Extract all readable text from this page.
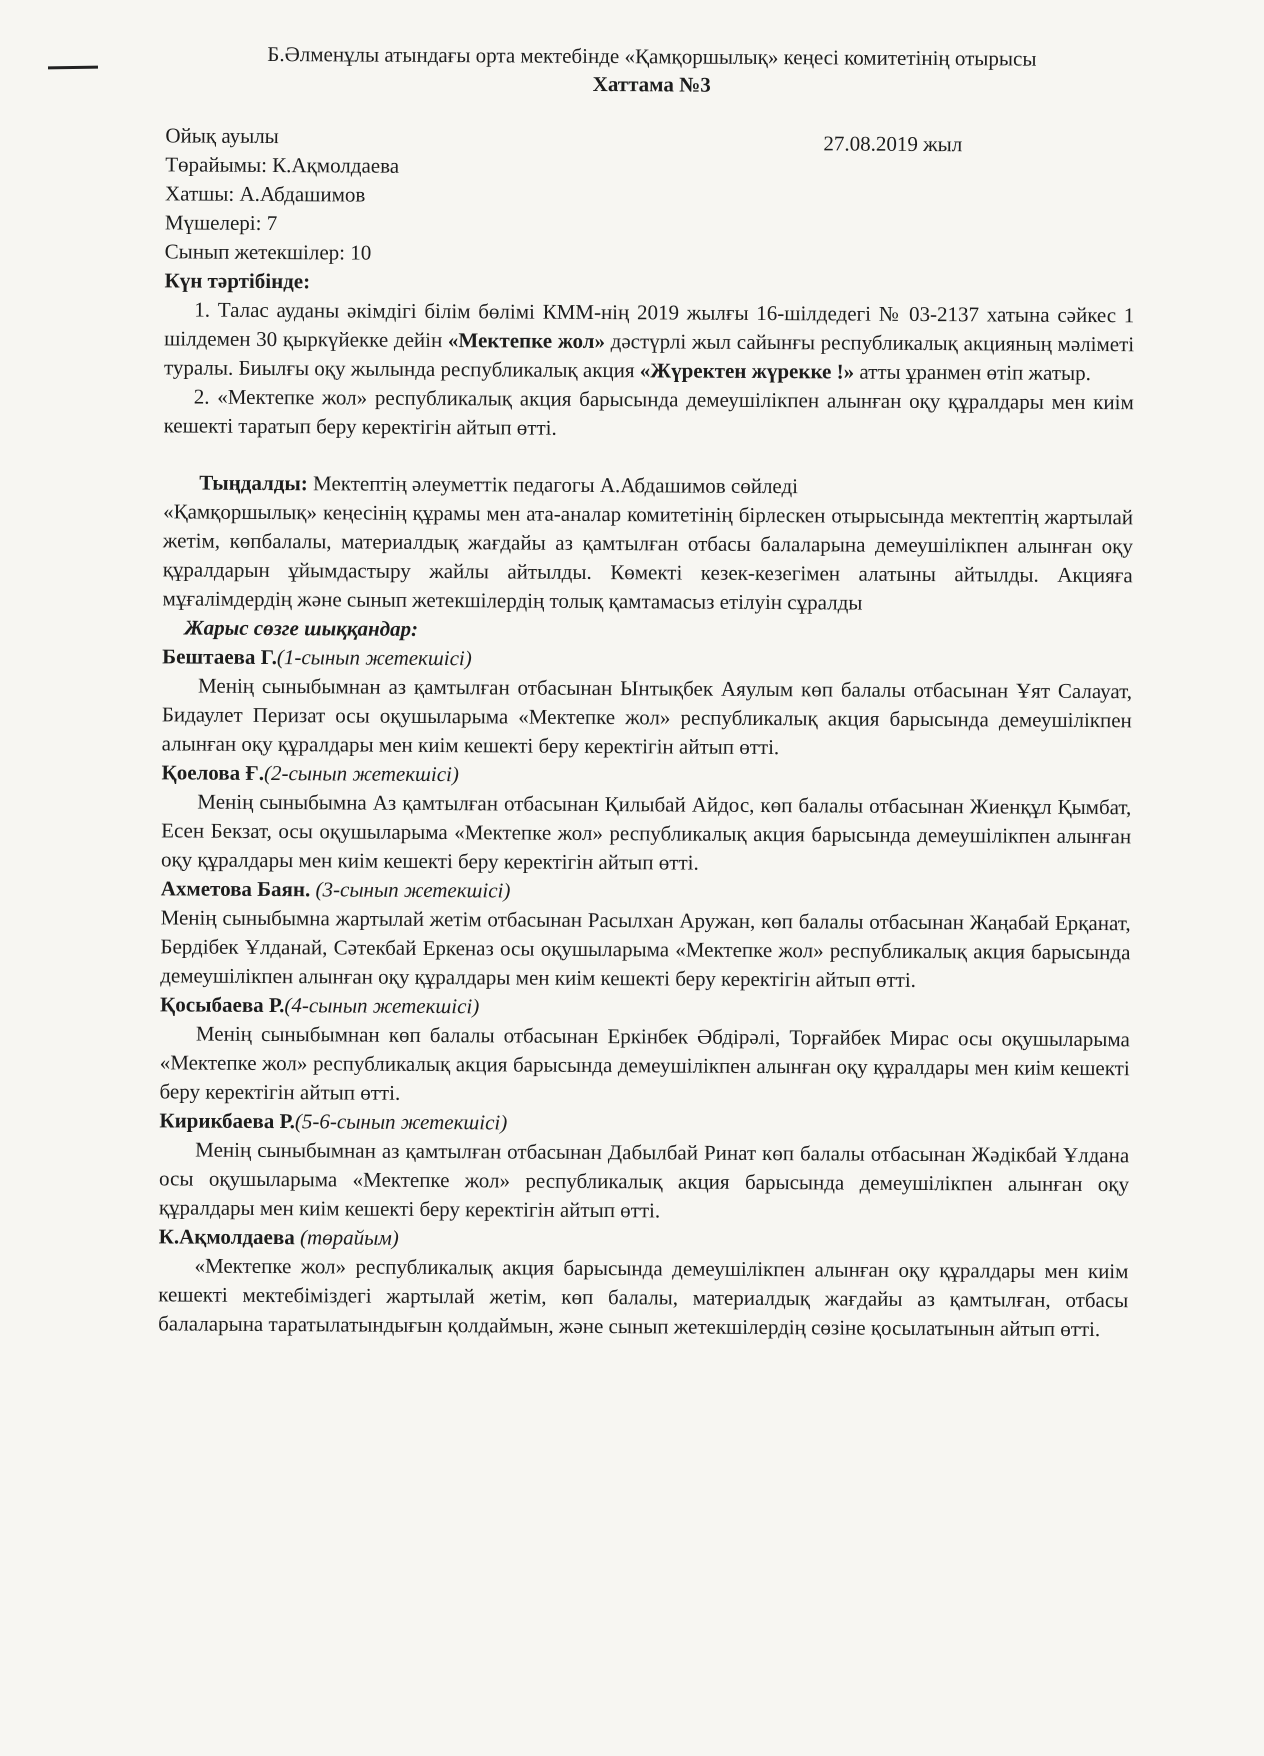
Б.Әлменұлы атындағы орта мектебінде «Қамқоршылық» кеңесі комитетінің отырысы
Хаттама №3
27.08.2019 жыл
Ойық ауылы
Төрайымы: К.Ақмолдаева
Хатшы: А.Абдашимов
Мүшелері: 7
Сынып жетекшілер: 10
Күн тәртібінде:
1. Талас ауданы әкімдігі білім бөлімі КММ-нің 2019 жылғы 16-шілдедегі № 03-2137 хатына сәйкес 1 шілдемен 30 қыркүйекке дейін «Мектепке жол» дәстүрлі жыл сайынғы республикалық акцияның мәліметі туралы. Биылғы оқу жылында республикалық акция «Жүректен жүрекке !» атты ұранмен өтіп жатыр.
2. «Мектепке жол» республикалық акция барысында демеушілікпен алынған оқу құралдары мен киім кешекті таратып беру керектігін айтып өтті.
Тыңдалды: Мектептің әлеуметтік педагогы А.Абдашимов сөйледі
«Қамқоршылық» кеңесінің құрамы мен ата-аналар комитетінің бірлескен отырысында мектептің жартылай жетім, көпбалалы, материалдық жағдайы аз қамтылған отбасы балаларына демеушілікпен алынған оқу құралдарын ұйымдастыру жайлы айтылды. Көмекті кезек-кезегімен алатыны айтылды. Акцияға мұғалімдердің және сынып жетекшілердің толық қамтамасыз етілуін сұралды
Жарыс сөзге шыққандар:
Бештаева Г.(1-сынып жетекшісі)
Менің сыныбымнан аз қамтылған отбасынан Ынтықбек Аяулым көп балалы отбасынан Ұят Салауат, Бидаулет Перизат осы оқушыларыма «Мектепке жол» республикалық акция барысында демеушілікпен алынған оқу құралдары мен киім кешекті беру керектігін айтып өтті.
Қоелова Ғ.(2-сынып жетекшісі)
Менің сыныбымна Аз қамтылған отбасынан Қилыбай Айдос, көп балалы отбасынан Жиенқұл Қымбат, Есен Бекзат, осы оқушыларыма «Мектепке жол» республикалық акция барысында демеушілікпен алынған оқу құралдары мен киім кешекті беру керектігін айтып өтті.
Ахметова Баян. (3-сынып жетекшісі)
Менің сыныбымна жартылай жетім отбасынан Расылхан Аружан, көп балалы отбасынан Жаңабай Ерқанат, Бердібек Ұлданай, Сәтекбай Еркеназ осы оқушыларыма «Мектепке жол» республикалық акция барысында демеушілікпен алынған оқу құралдары мен киім кешекті беру керектігін айтып өтті.
Қосыбаева Р.(4-сынып жетекшісі)
Менің сыныбымнан көп балалы отбасынан Еркінбек Әбдірәлі, Торғайбек Мирас осы оқушыларыма «Мектепке жол» республикалық акция барысында демеушілікпен алынған оқу құралдары мен киім кешекті беру керектігін айтып өтті.
Кирикбаева Р.(5-6-сынып жетекшісі)
Менің сыныбымнан аз қамтылған отбасынан Дабылбай Ринат көп балалы отбасынан Жәдікбай Ұлдана осы оқушыларыма «Мектепке жол» республикалық акция барысында демеушілікпен алынған оқу құралдары мен киім кешекті беру керектігін айтып өтті.
К.Ақмолдаева (төрайым)
«Мектепке жол» республикалық акция барысында демеушілікпен алынған оқу құралдары мен киім кешекті мектебіміздегі жартылай жетім, көп балалы, материалдық жағдайы аз қамтылған, отбасы балаларына таратылатындығын қолдаймын, және сынып жетекшілердің сөзіне қосылатынын айтып өтті.
